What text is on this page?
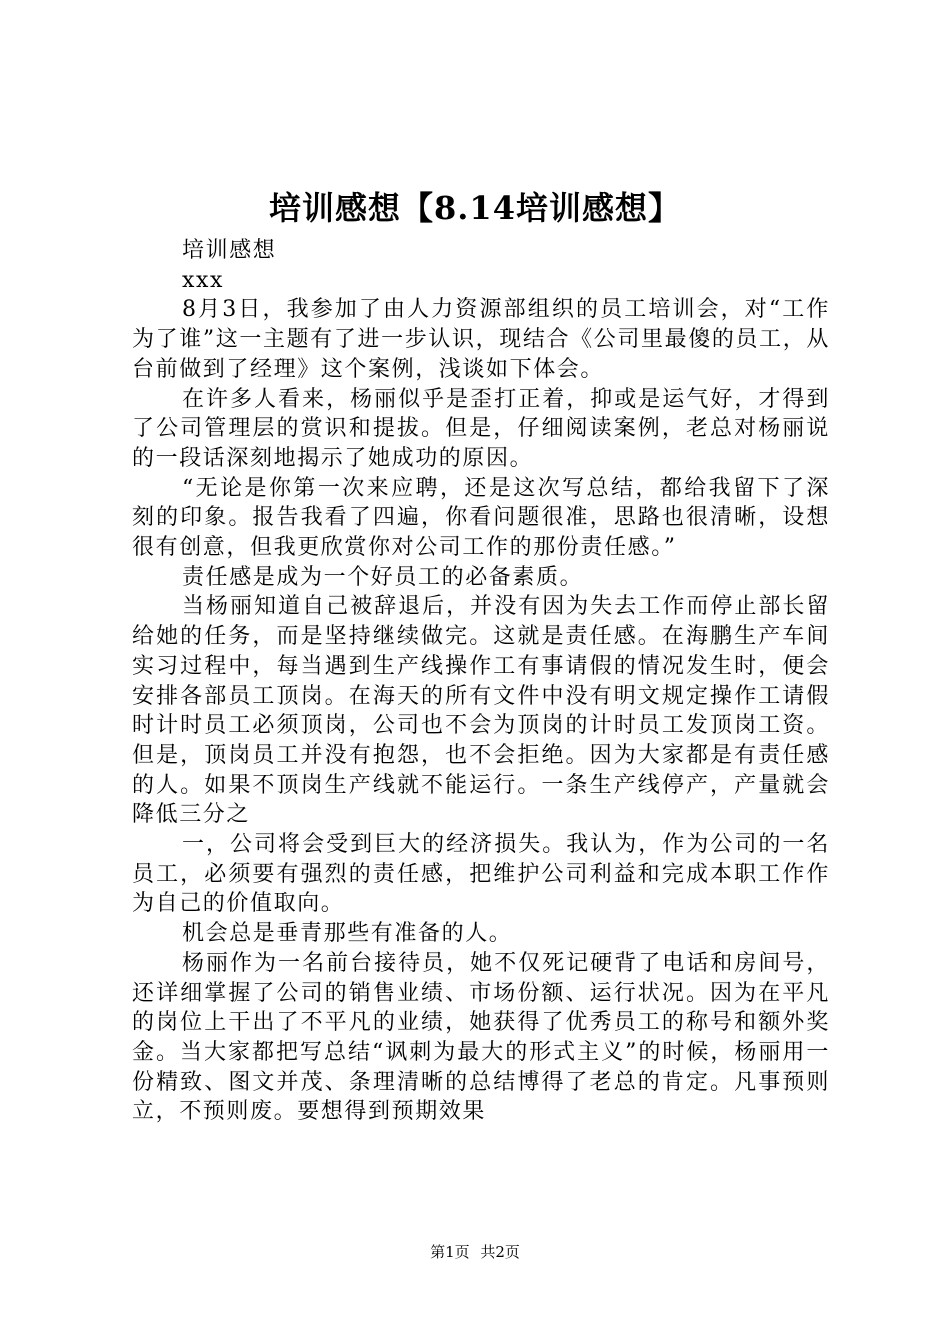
培训感想【8.14培训感想】

培训感想

xxx

8月3日，我参加了由人力资源部组织的员工培训会，对“工作为了谁”这一主题有了进一步认识，现结合《公司里最傻的员工，从台前做到了经理》这个案例，浅谈如下体会。

在许多人看来，杨丽似乎是歪打正着，抑或是运气好，才得到了公司管理层的赏识和提拔。但是，仔细阅读案例，老总对杨丽说的一段话深刻地揭示了她成功的原因。

“无论是你第一次来应聘，还是这次写总结，都给我留下了深刻的印象。报告我看了四遍，你看问题很准，思路也很清晰，设想很有创意，但我更欣赏你对公司工作的那份责任感。”

责任感是成为一个好员工的必备素质。

当杨丽知道自己被辞退后，并没有因为失去工作而停止部长留给她的任务，而是坚持继续做完。这就是责任感。在海鹏生产车间实习过程中，每当遇到生产线操作工有事请假的情况发生时，便会安排各部员工顶岗。在海天的所有文件中没有明文规定操作工请假时计时员工必须顶岗，公司也不会为顶岗的计时员工发顶岗工资。但是，顶岗员工并没有抱怨，也不会拒绝。因为大家都是有责任感的人。如果不顶岗生产线就不能运行。一条生产线停产，产量就会降低三分之

一，公司将会受到巨大的经济损失。我认为，作为公司的一名员工，必须要有强烈的责任感，把维护公司利益和完成本职工作作为自己的价值取向。

机会总是垂青那些有准备的人。

杨丽作为一名前台接待员，她不仅死记硬背了电话和房间号，还详细掌握了公司的销售业绩、市场份额、运行状况。因为在平凡的岗位上干出了不平凡的业绩，她获得了优秀员工的称号和额外奖金。当大家都把写总结“讽刺为最大的形式主义”的时候，杨丽用一份精致、图文并茂、条理清晰的总结博得了老总的肯定。凡事预则立，不预则废。要想得到预期效果

第1页 共2页
